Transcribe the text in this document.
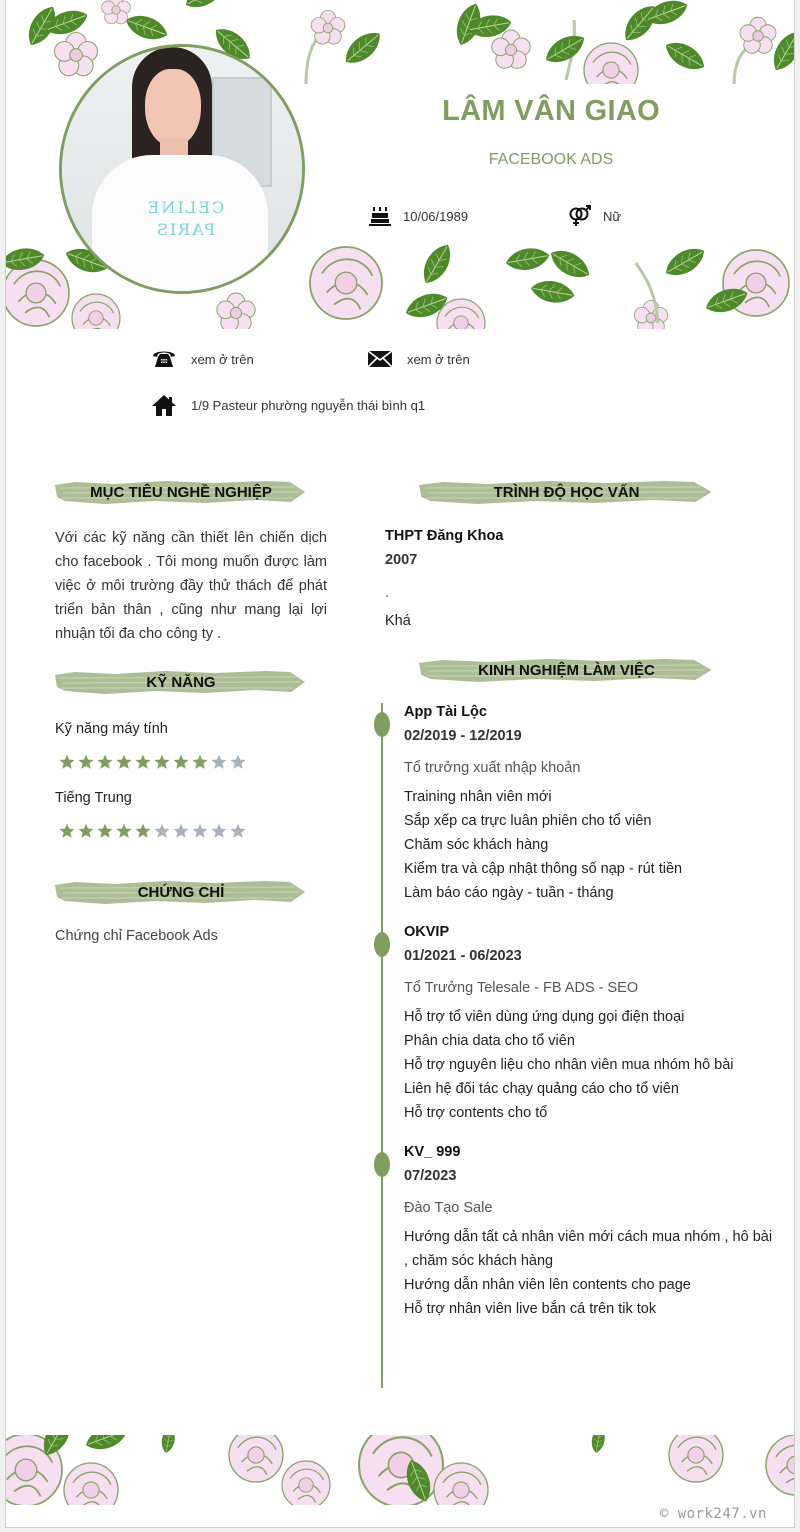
CELINE PARIS
LÂM VÂN GIAO
FACEBOOK ADS
10/06/1989	Nữ
xem ở trên	xem ở trên
1/9 Pasteur phường nguyễn thái bình q1
MỤC TIÊU NGHỀ NGHIỆP
Với các kỹ năng cần thiết lên chiến dịch cho facebook . Tôi mong muốn được làm việc ở môi trường đầy thử thách để phát triển bản thân , cũng như mang lại lợi nhuận tối đa cho công ty .
KỸ NĂNG
Kỹ năng máy tính
Tiếng Trung
CHỨNG CHỈ
Chứng chỉ Facebook Ads
TRÌNH ĐỘ HỌC VẤN
THPT Đăng Khoa
2007
.
Khá
KINH NGHIỆM LÀM VIỆC
App Tài Lộc
02/2019 - 12/2019
Tổ trưởng xuất nhập khoản
Training nhân viên mới
Sắp xếp ca trực luân phiên cho tổ viên
Chăm sóc khách hàng
Kiểm tra và cập nhật thông số nạp - rút tiền
Làm báo cáo ngày - tuần - tháng
OKVIP
01/2021 - 06/2023
Tổ Trưởng Telesale - FB ADS - SEO
Hỗ trợ tổ viên dùng ứng dụng gọi điện thoại
Phân chia data cho tổ viên
Hỗ trợ nguyên liệu cho nhân viên mua nhóm hô bài
Liên hệ đối tác chạy quảng cáo cho tổ viên
Hỗ trợ contents cho tổ
KV_ 999
07/2023
Đào Tạo Sale
Hướng dẫn tất cả nhân viên mới cách mua nhóm , hô bài , chăm sóc khách hàng
Hướng dẫn nhân viên lên contents cho page
Hỗ trợ nhân viên live bắn cá trên tik tok
© work247.vn
